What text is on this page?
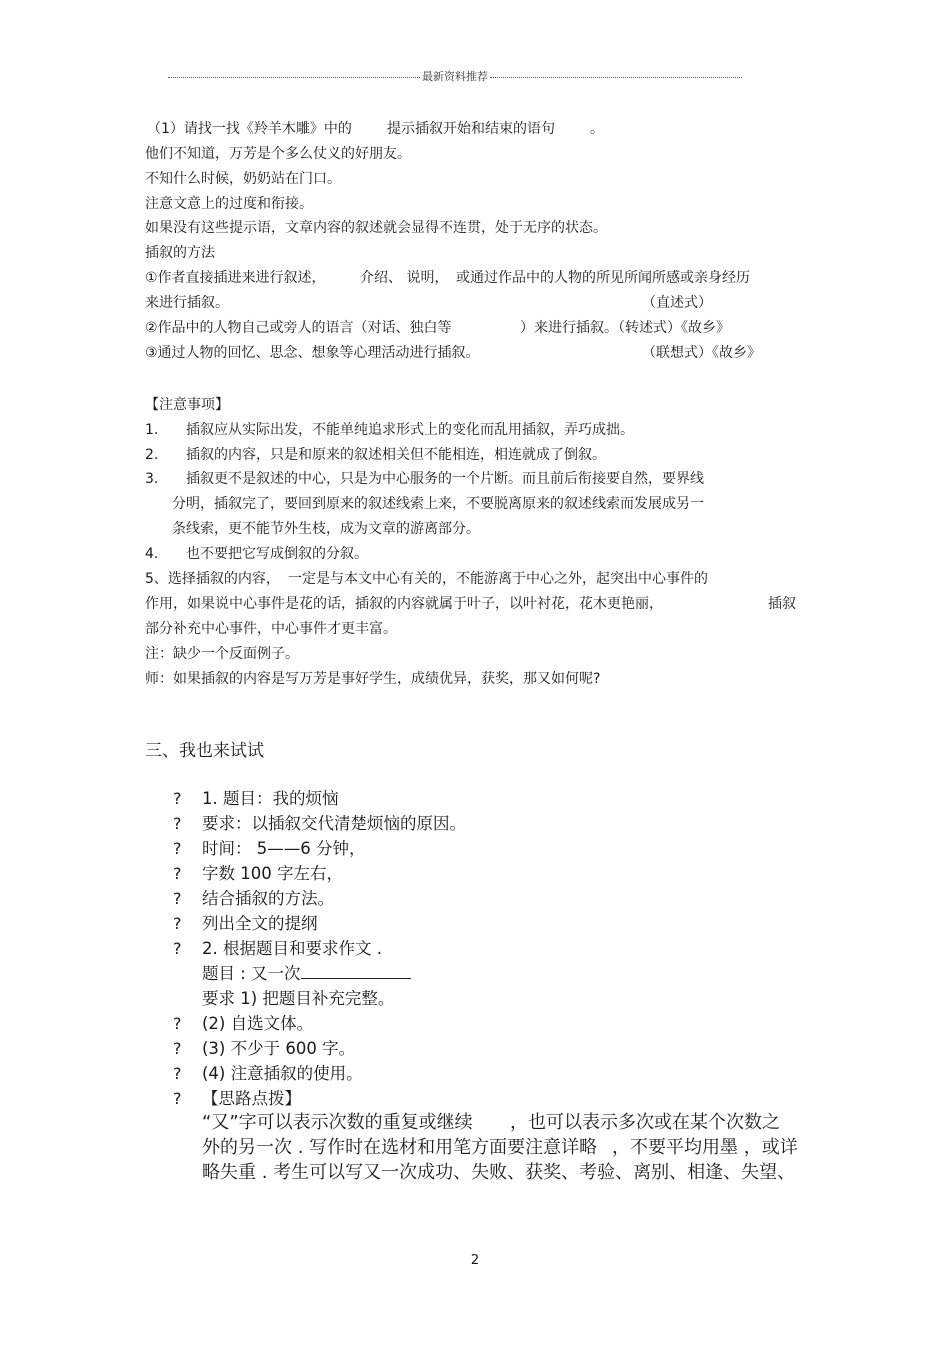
最新资料推荐
（1）请找一找《羚羊木雕》中的	提示插叙开始和结束的语句	。
他们不知道，万芳是个多么仗义的好朋友。
不知什么时候，奶奶站在门口。
注意文意上的过度和衔接。
如果没有这些提示语，文章内容的叙述就会显得不连贯，处于无序的状态。
插叙的方法
①作者直接插进来进行叙述， 介绍、 说明， 或通过作品中的人物的所见所闻所感或亲身经历
来进行插叙。	（直述式）
②作品中的人物自己或旁人的语言（对话、独白等	）来进行插叙。（转述式）《故乡》
③通过人物的回忆、思念、想象等心理活动进行插叙。	（联想式）《故乡》
【注意事项】
1. 插叙应从实际出发，不能单纯追求形式上的变化而乱用插叙，弄巧成拙。
2. 插叙的内容，只是和原来的叙述相关但不能相连，相连就成了倒叙。
3. 插叙更不是叙述的中心，只是为中心服务的一个片断。而且前后衔接要自然，要界线
分明，插叙完了，要回到原来的叙述线索上来，不要脱离原来的叙述线索而发展成另一
条线索，更不能节外生枝，成为文章的游离部分。
4. 也不要把它写成倒叙的分叙。
5、选择插叙的内容， 一定是与本文中心有关的，不能游离于中心之外，起突出中心事件的
作用，如果说中心事件是花的话，插叙的内容就属于叶子，以叶衬花，花木更艳丽，	插叙
部分补充中心事件，中心事件才更丰富。
注：缺少一个反面例子。
师：如果插叙的内容是写万芳是事好学生，成绩优异，获奖，那又如何呢?
三、我也来试试
? 1. 题目：我的烦恼
? 要求：以插叙交代清楚烦恼的原因。
? 时间： 5——6 分钟，
? 字数 100 字左右，
? 结合插叙的方法。
? 列出全文的提纲
? 2. 根据题目和要求作文 .
题目 : 又一次
要求 1) 把题目补充完整。
? (2) 自选文体。
? (3) 不少于 600 字。
? (4) 注意插叙的使用。
? 【思路点拨】
“又”字可以表示次数的重复或继续 ，也可以表示多次或在某个次数之
外的另一次 . 写作时在选材和用笔方面要注意详略 ，不要平均用墨 ，或详
略失重 . 考生可以写又一次成功、失败、获奖、考验、离别、相逢、失望、
2
